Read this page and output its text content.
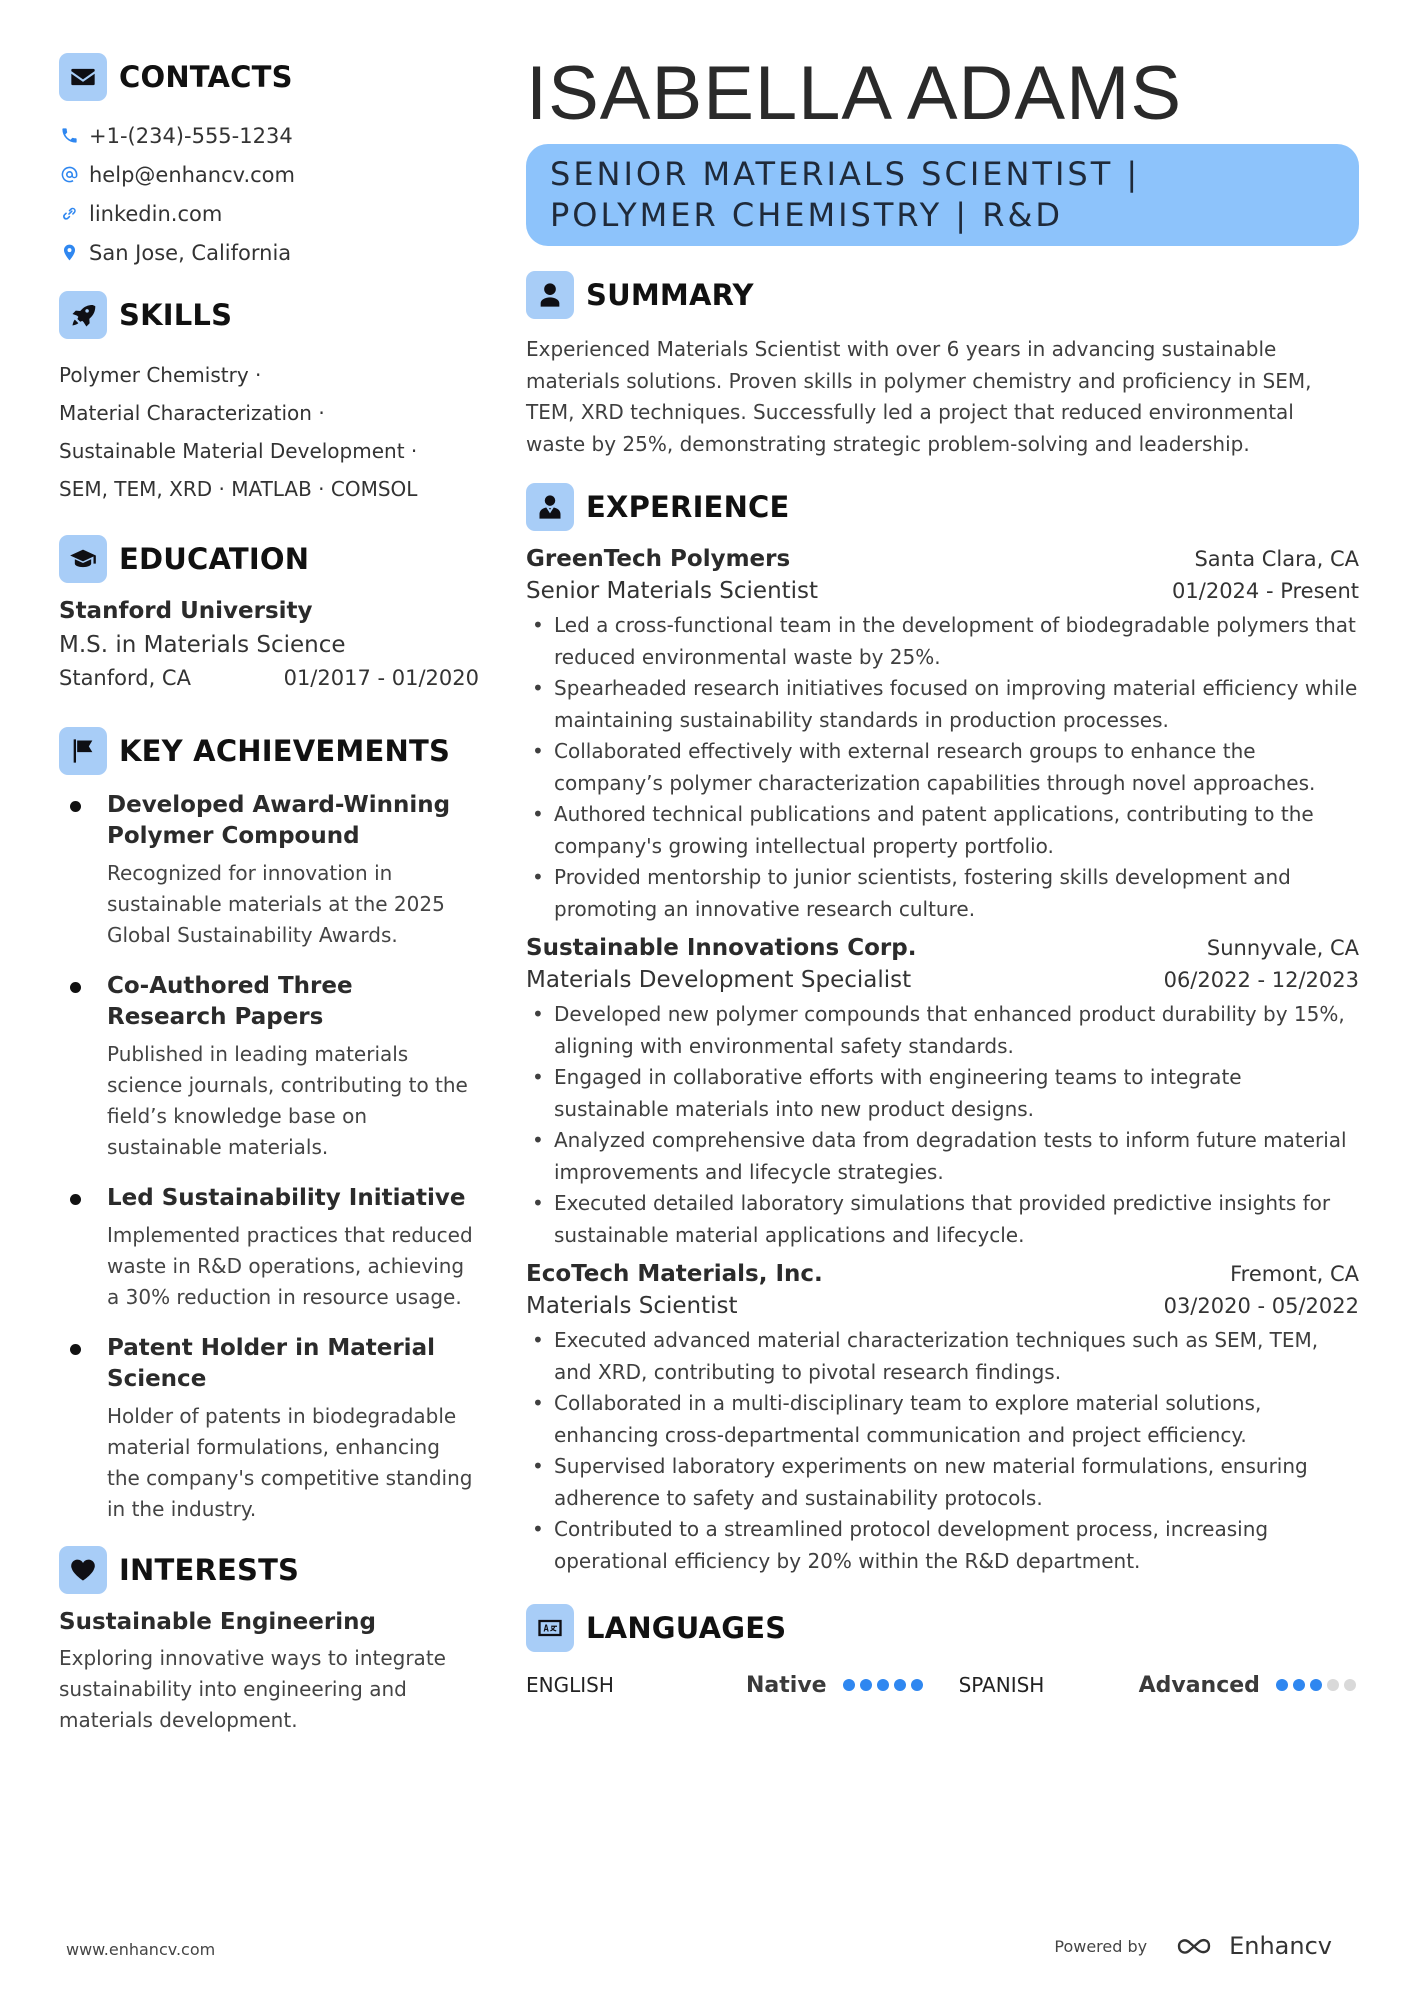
CONTACTS
+1-(234)-555-1234
help@enhancv.com
linkedin.com
San Jose, California
SKILLS
Polymer Chemistry ·
Material Characterization ·
Sustainable Material Development ·
SEM, TEM, XRD · MATLAB · COMSOL
EDUCATION
Stanford University
M.S. in Materials Science
Stanford, CA	01/2017 - 01/2020
KEY ACHIEVEMENTS
Developed Award-Winning Polymer Compound
Recognized for innovation in sustainable materials at the 2025 Global Sustainability Awards.
Co-Authored Three Research Papers
Published in leading materials science journals, contributing to the field’s knowledge base on sustainable materials.
Led Sustainability Initiative
Implemented practices that reduced waste in R&D operations, achieving a 30% reduction in resource usage.
Patent Holder in Material Science
Holder of patents in biodegradable material formulations, enhancing the company's competitive standing in the industry.
INTERESTS
Sustainable Engineering
Exploring innovative ways to integrate sustainability into engineering and materials development.
ISABELLA ADAMS
SENIOR MATERIALS SCIENTIST |
POLYMER CHEMISTRY | R&D
SUMMARY
Experienced Materials Scientist with over 6 years in advancing sustainable materials solutions. Proven skills in polymer chemistry and proficiency in SEM, TEM, XRD techniques. Successfully led a project that reduced environmental waste by 25%, demonstrating strategic problem-solving and leadership.
EXPERIENCE
GreenTech Polymers	Santa Clara, CA
Senior Materials Scientist	01/2024 - Present
• Led a cross-functional team in the development of biodegradable polymers that reduced environmental waste by 25%.
• Spearheaded research initiatives focused on improving material efficiency while maintaining sustainability standards in production processes.
• Collaborated effectively with external research groups to enhance the company’s polymer characterization capabilities through novel approaches.
• Authored technical publications and patent applications, contributing to the company's growing intellectual property portfolio.
• Provided mentorship to junior scientists, fostering skills development and promoting an innovative research culture.
Sustainable Innovations Corp.	Sunnyvale, CA
Materials Development Specialist	06/2022 - 12/2023
• Developed new polymer compounds that enhanced product durability by 15%, aligning with environmental safety standards.
• Engaged in collaborative efforts with engineering teams to integrate sustainable materials into new product designs.
• Analyzed comprehensive data from degradation tests to inform future material improvements and lifecycle strategies.
• Executed detailed laboratory simulations that provided predictive insights for sustainable material applications and lifecycle.
EcoTech Materials, Inc.	Fremont, CA
Materials Scientist	03/2020 - 05/2022
• Executed advanced material characterization techniques such as SEM, TEM, and XRD, contributing to pivotal research findings.
• Collaborated in a multi-disciplinary team to explore material solutions, enhancing cross-departmental communication and project efficiency.
• Supervised laboratory experiments on new material formulations, ensuring adherence to safety and sustainability protocols.
• Contributed to a streamlined protocol development process, increasing operational efficiency by 20% within the R&D department.
LANGUAGES
ENGLISH	Native	SPANISH	Advanced
www.enhancv.com	Powered by	Enhancv
